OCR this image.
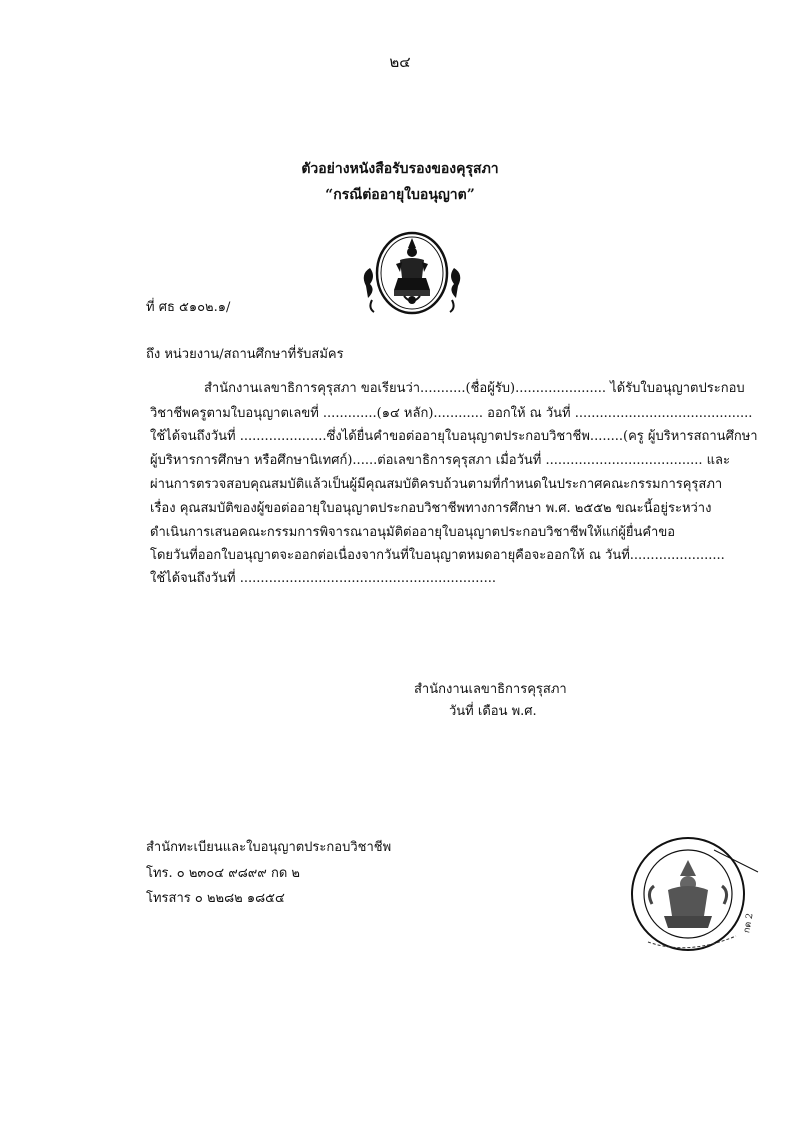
๒๔
ตัวอย่างหนังสือรับรองของคุรุสภา
“กรณีต่ออายุใบอนุญาต”
ที่ ศธ ๕๑๐๒.๑/
ถึง หน่วยงาน/สถานศึกษาที่รับสมัคร
สำนักงานเลขาธิการคุรุสภา ขอเรียนว่า...........(ชื่อผู้รับ)...................... ได้รับใบอนุญาตประกอบ
วิชาชีพครูตามใบอนุญาตเลขที่ .............(๑๔ หลัก)............ ออกให้ ณ วันที่ ...........................................
ใช้ได้จนถึงวันที่ .....................ซึ่งได้ยื่นคำขอต่ออายุใบอนุญาตประกอบวิชาชีพ........(ครู ผู้บริหารสถานศึกษา
ผู้บริหารการศึกษา หรือศึกษานิเทศก์)......ต่อเลขาธิการคุรุสภา เมื่อวันที่ ...................................... และ
ผ่านการตรวจสอบคุณสมบัติแล้วเป็นผู้มีคุณสมบัติครบถ้วนตามที่กำหนดในประกาศคณะกรรมการคุรุสภา
เรื่อง คุณสมบัติของผู้ขอต่ออายุใบอนุญาตประกอบวิชาชีพทางการศึกษา พ.ศ. ๒๕๕๒ ขณะนี้อยู่ระหว่าง
ดำเนินการเสนอคณะกรรมการพิจารณาอนุมัติต่ออายุใบอนุญาตประกอบวิชาชีพให้แก่ผู้ยื่นคำขอ
โดยวันที่ออกใบอนุญาตจะออกต่อเนื่องจากวันที่ใบอนุญาตหมดอายุคือจะออกให้ ณ วันที่.......................
ใช้ได้จนถึงวันที่ ..............................................................
สำนักงานเลขาธิการคุรุสภา
วันที่ เดือน พ.ศ.
สำนักทะเบียนและใบอนุญาตประกอบวิชาชีพ
โทร. ๐ ๒๓๐๔ ๙๘๙๙ กด ๒
โทรสาร ๐ ๒๒๘๒ ๑๘๕๔
กด 2
